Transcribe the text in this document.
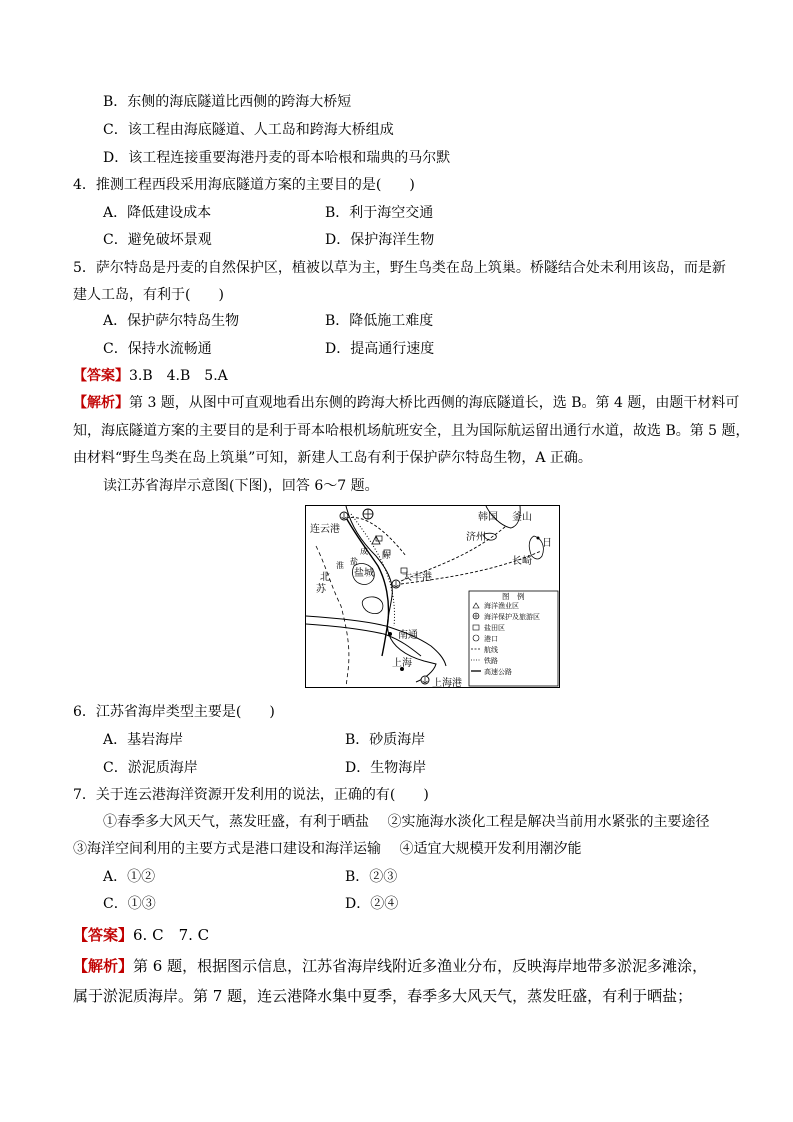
B．东侧的海底隧道比西侧的跨海大桥短
C．该工程由海底隧道、人工岛和跨海大桥组成
D．该工程连接重要海港丹麦的哥本哈根和瑞典的马尔默
4．推测工程西段采用海底隧道方案的主要目的是(　　)
A．降低建设成本	B．利于海空交通
C．避免破坏景观	D．保护海洋生物
5．萨尔特岛是丹麦的自然保护区，植被以草为主，野生鸟类在岛上筑巢。桥隧结合处未利用该岛，而是新
建人工岛，有利于(　　)
A．保护萨尔特岛生物	B．降低施工难度
C．保持水流畅通	D．提高通行速度
【答案】3.B　4.B　5.A
【解析】第 3 题，从图中可直观地看出东侧的跨海大桥比西侧的海底隧道长，选 B。第 4 题，由题干材料可
知，海底隧道方案的主要目的是利于哥本哈根机场航班安全，且为国际航运留出通行水道，故选 B。第 5 题，
由材料“野生鸟类在岛上筑巢”可知，新建人工岛有利于保护萨尔特岛生物，A 正确。
读江苏省海岸示意图(下图)，回答 6～7 题。
连云港
韩国 釜山
济州
长崎
日
大丰港
盐城
南通
上海
上海港
北
苏
成
盐
淮
陈
图　例
海洋渔业区
海洋保护及旅游区
盐田区
港口
航线
铁路
高速公路
6．江苏省海岸类型主要是(　　)
A．基岩海岸	B．砂质海岸
C．淤泥质海岸	D．生物海岸
7．关于连云港海洋资源开发利用的说法，正确的有(　　)
①春季多大风天气，蒸发旺盛，有利于晒盐　 ②实施海水淡化工程是解决当前用水紧张的主要途径
③海洋空间利用的主要方式是港口建设和海洋运输　 ④适宜大规模开发利用潮汐能
A．①②	B．②③
C．①③	D．②④
【答案】6. C　7. C
【解析】第 6 题，根据图示信息，江苏省海岸线附近多渔业分布，反映海岸地带多淤泥多滩涂，
属于淤泥质海岸。第 7 题，连云港降水集中夏季，春季多大风天气，蒸发旺盛，有利于晒盐；
